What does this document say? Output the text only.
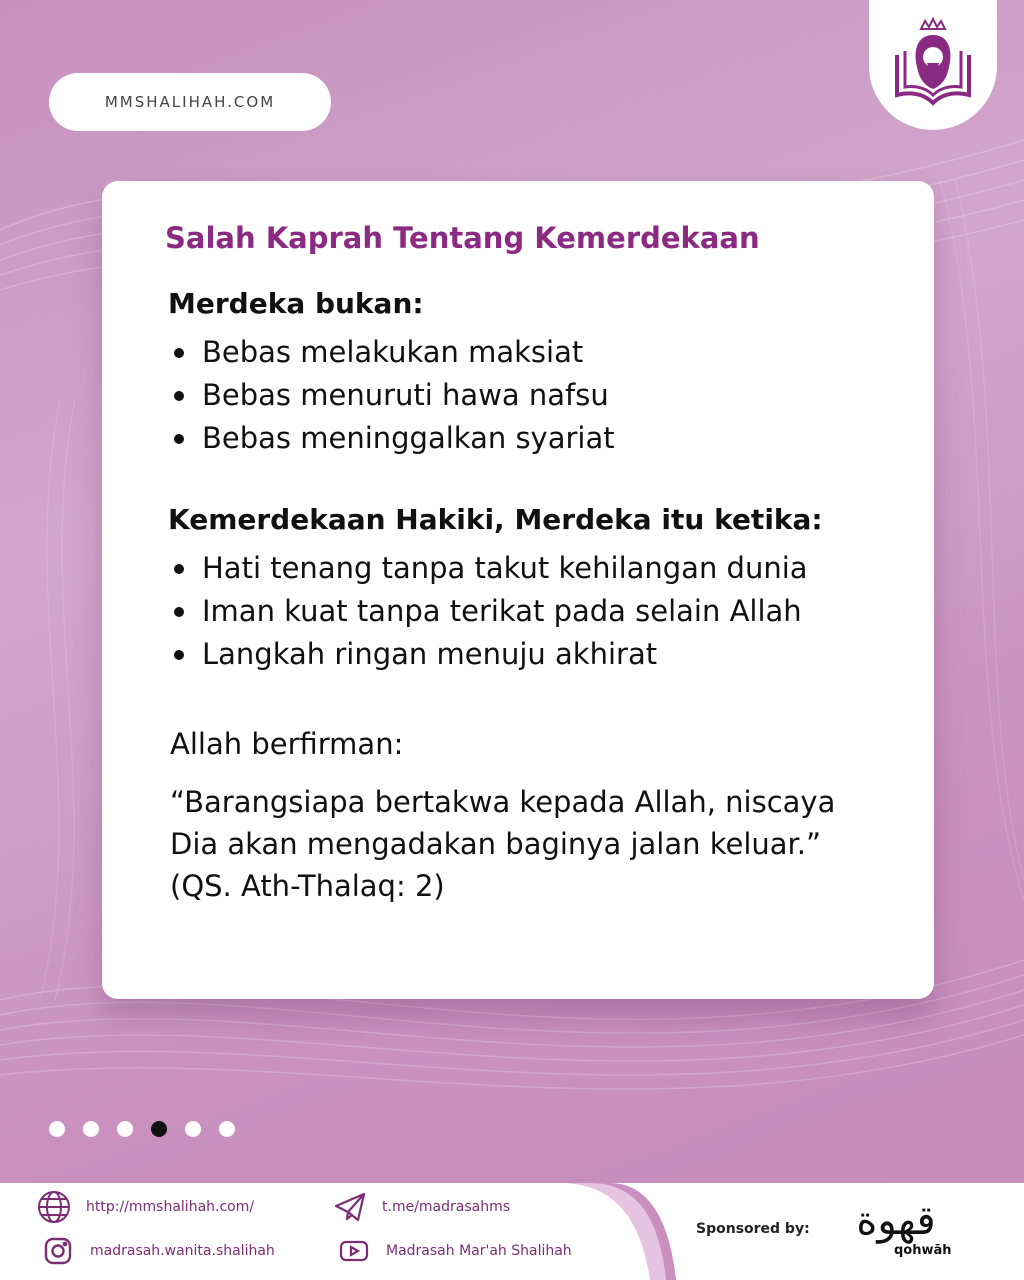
MMSHALIHAH.COM
Salah Kaprah Tentang Kemerdekaan
Merdeka bukan:
Bebas melakukan maksiat
Bebas menuruti hawa nafsu
Bebas meninggalkan syariat
Kemerdekaan Hakiki, Merdeka itu ketika:
Hati tenang tanpa takut kehilangan dunia
Iman kuat tanpa terikat pada selain Allah
Langkah ringan menuju akhirat
Allah berfirman:
“Barangsiapa bertakwa kepada Allah, niscaya
Dia akan mengadakan baginya jalan keluar.”
(QS. Ath-Thalaq: 2)
http://mmshalihah.com/
madrasah.wanita.shalihah
t.me/madrasahms
Madrasah Mar'ah Shalihah
Sponsored by:	قهوة
qohwāh
